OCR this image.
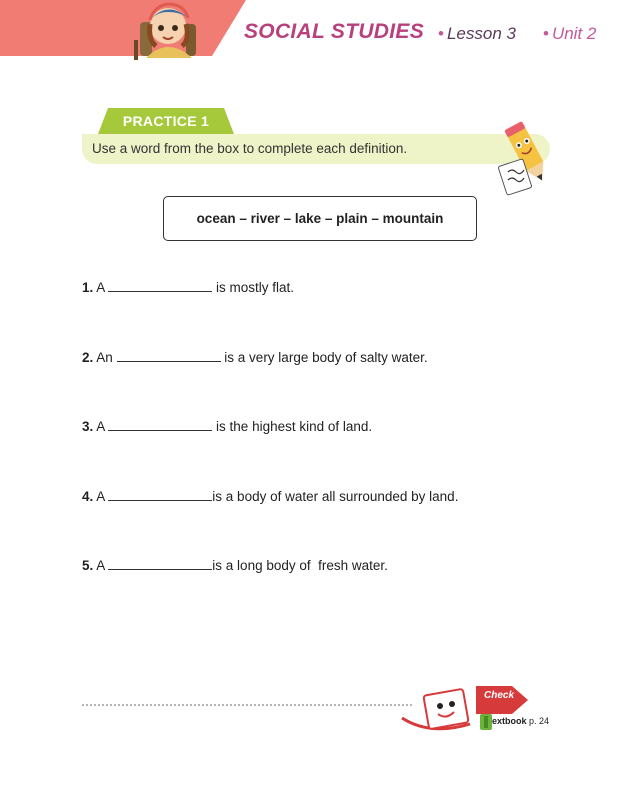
SOCIAL STUDIES • Lesson 3 • Unit 2
PRACTICE 1
Use a word from the box to complete each definition.
ocean – river – lake – plain – mountain
1. A	is mostly flat.
2. An	is a very large body of salty water.
3. A	is the highest kind of land.
4. A	is a body of water all surrounded by land.
5. A	is a long body of  fresh water.
Check
extbook p. 24
